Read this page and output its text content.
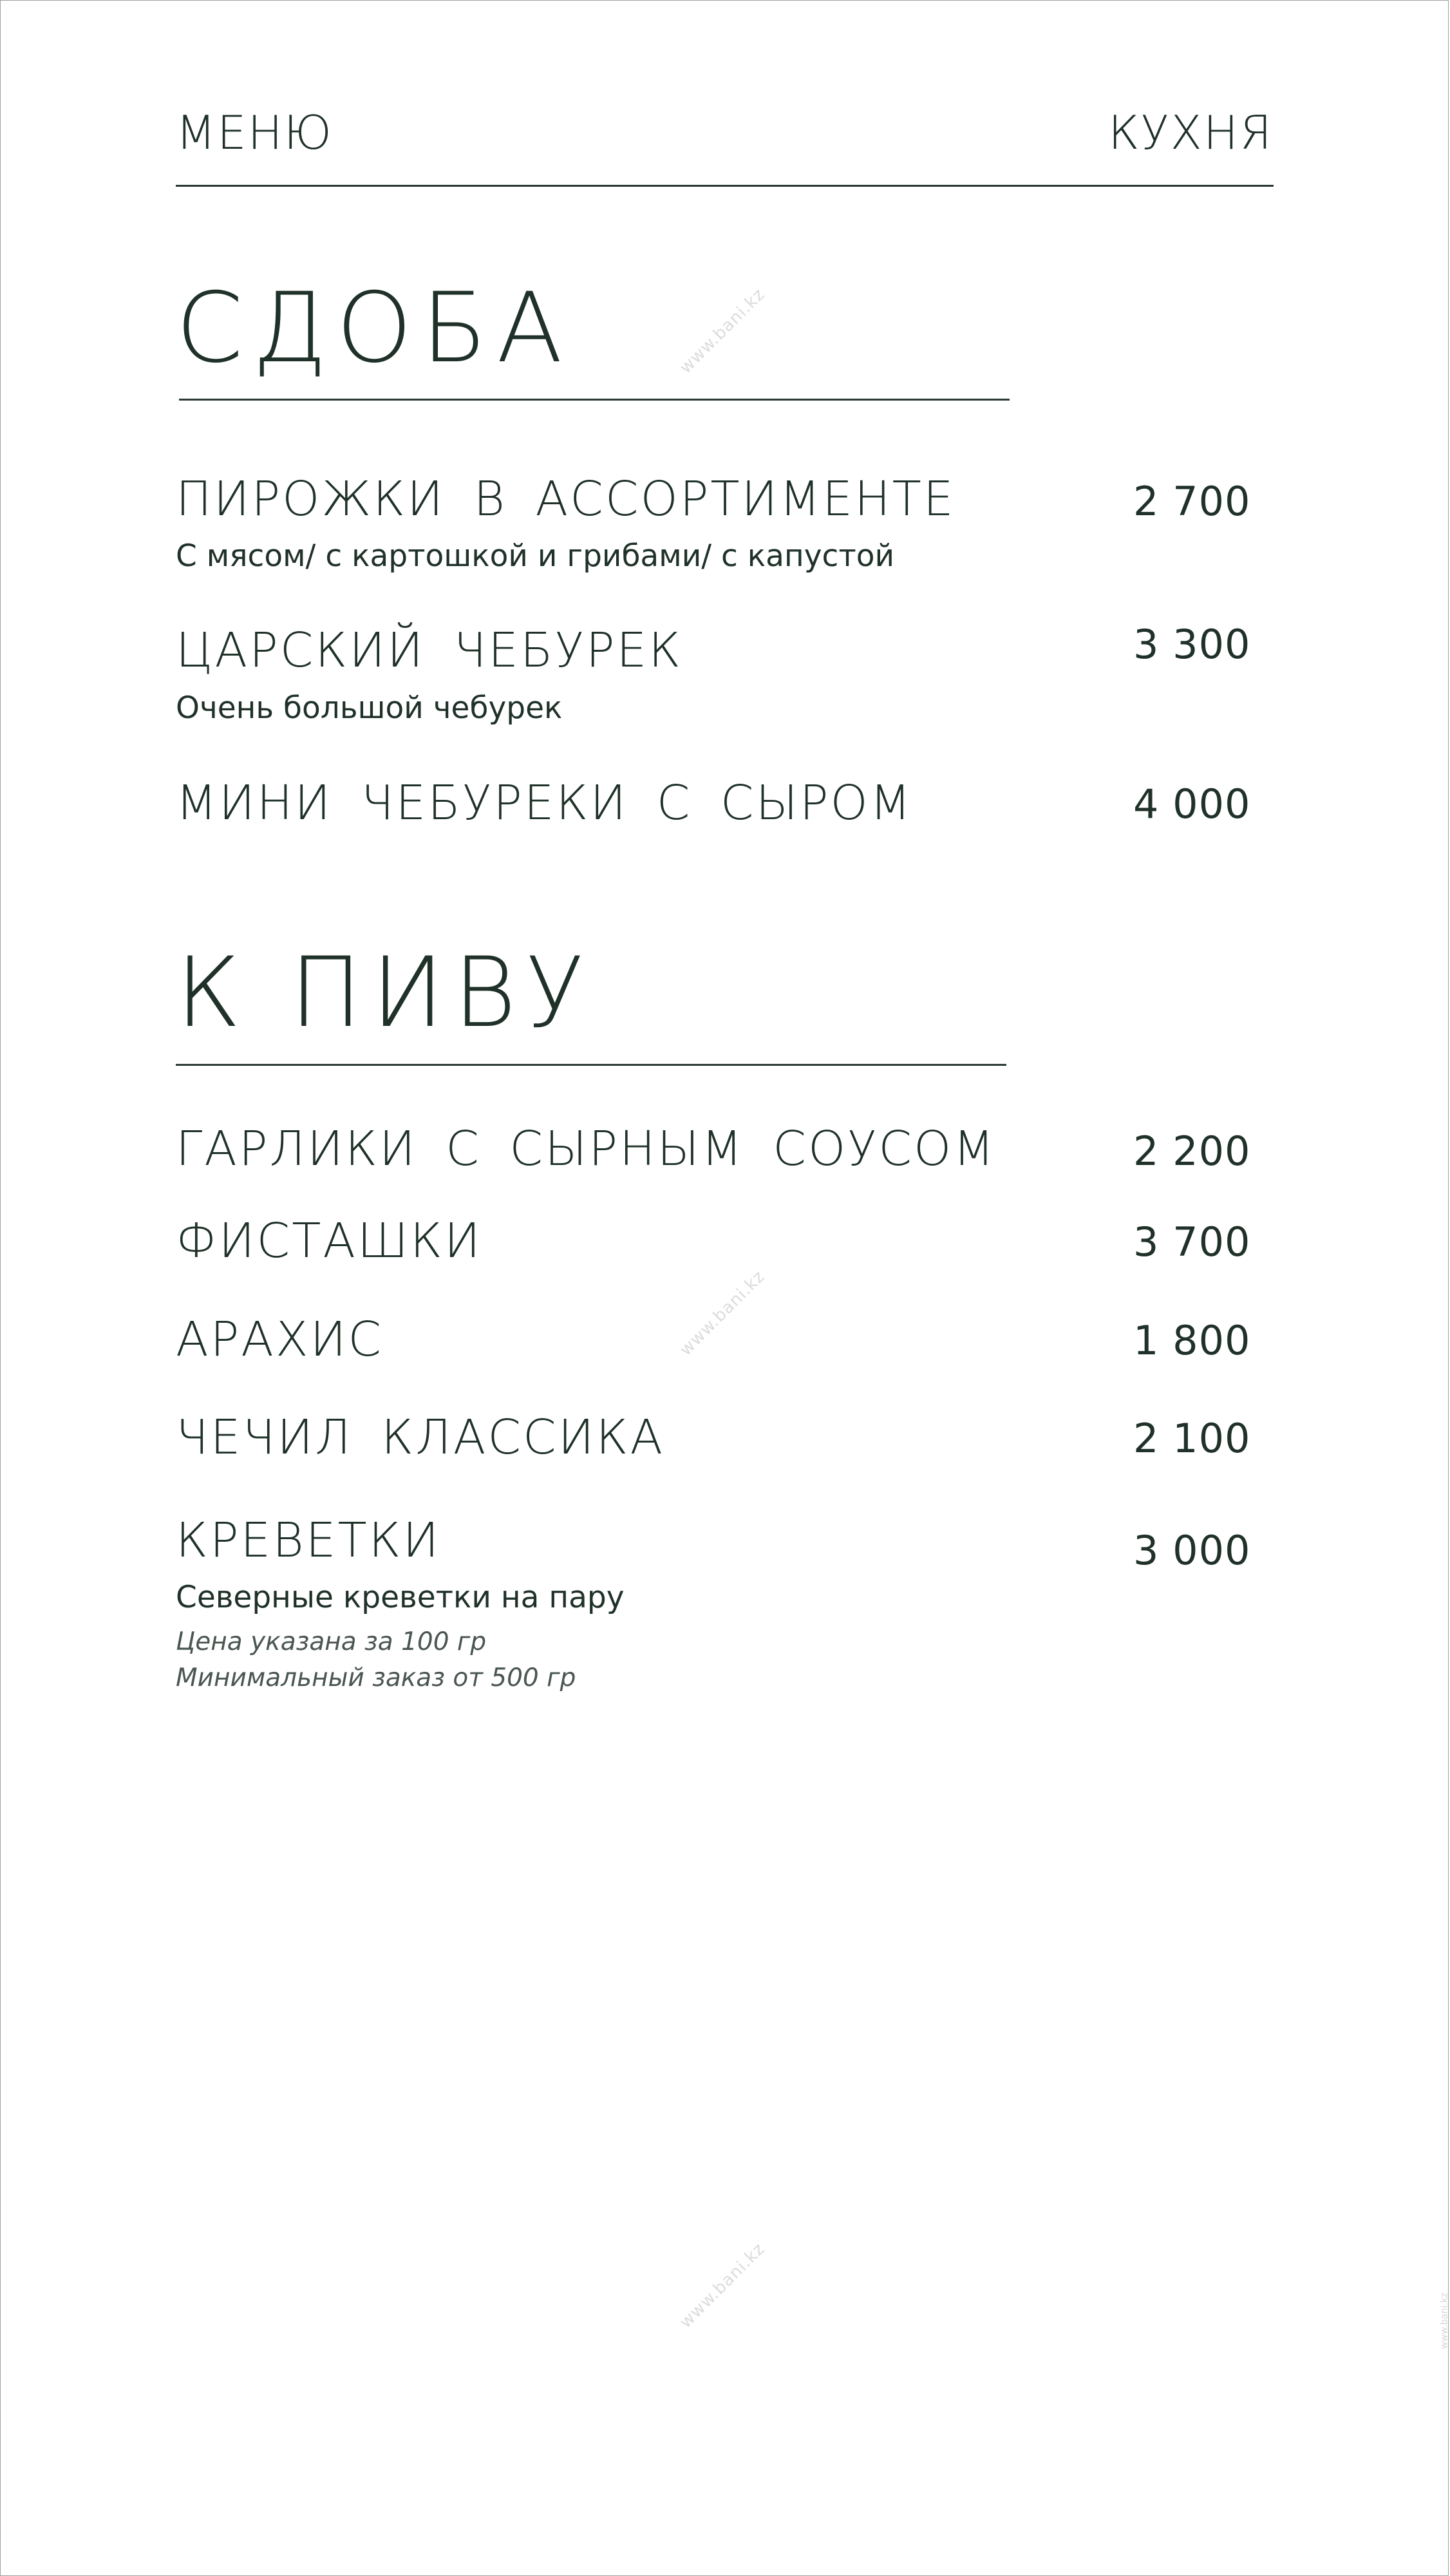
МЕНЮ	КУХНЯ
СДОБА
ПИРОЖКИ В АССОРТИМЕНТЕ	2 700
С мясом/ с картошкой и грибами/ с капустой
ЦАРСКИЙ ЧЕБУРЕК	3 300
Очень большой чебурек
МИНИ ЧЕБУРЕКИ С СЫРОМ	4 000
К ПИВУ
ГАРЛИКИ С СЫРНЫМ СОУСОМ	2 200
ФИСТАШКИ	3 700
АРАХИС	1 800
ЧЕЧИЛ КЛАССИКА	2 100
КРЕВЕТКИ	3 000
Северные креветки на пару
Цена указана за 100 гр
Минимальный заказ от 500 гр
www.bani.kz
www.bani.kz
www.bani.kz	www.bani.kz
